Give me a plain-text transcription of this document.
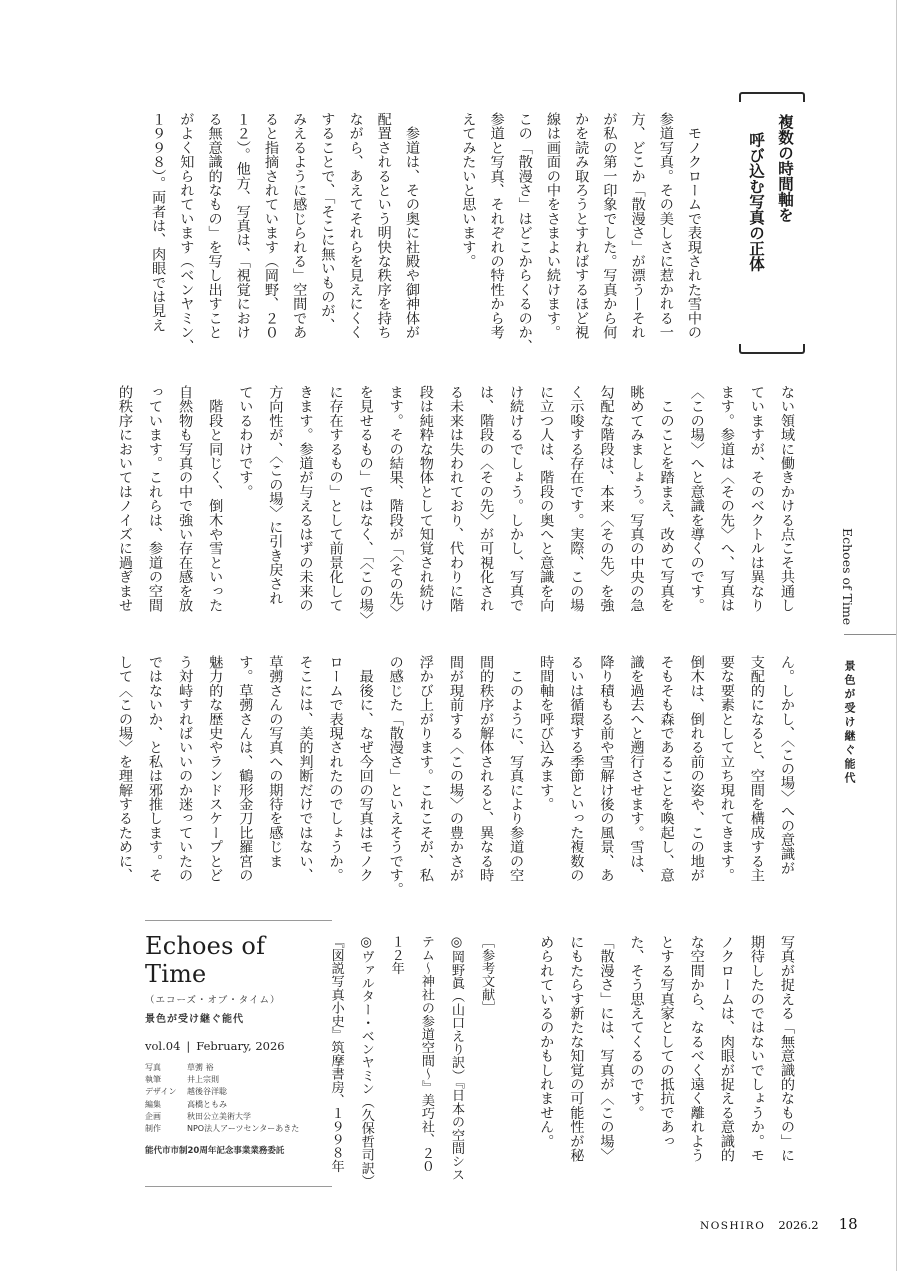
複数の時間軸を
呼び込む写真の正体
　モノクロームで表現された雪中の
参道写真。その美しさに惹かれる一
方、どこか「散漫さ」が漂う—それ
が私の第一印象でした。写真から何
かを読み取ろうとすればするほど視
線は画面の中をさまよい続けます。
この「散漫さ」はどこからくるのか、
参道と写真、それぞれの特性から考
えてみたいと思います。
　参道は、その奥に社殿や御神体が
配置されるという明快な秩序を持ち
ながら、あえてそれらを見えにくく
することで、「そこに無いものが、
みえるように感じられる」空間であ
ると指摘されています（岡野、２０
１２）。他方、写真は、「視覚におけ
る無意識的なもの」を写し出すこと
がよく知られています（ベンヤミン、
１９９８）。両者は、肉眼では見え
ない領域に働きかける点こそ共通し
ていますが、そのベクトルは異なり
ます。参道は〈その先〉へ、写真は
〈この場〉へと意識を導くのです。
　このことを踏まえ、改めて写真を
眺めてみましょう。写真の中央の急
勾配な階段は、本来〈その先〉を強
く示唆する存在です。実際、この場
に立つ人は、階段の奥へと意識を向
け続けるでしょう。しかし、写真で
は、階段の〈その先〉が可視化され
る未来は失われており、代わりに階
段は純粋な物体として知覚され続け
ます。その結果、階段が「〈その先〉
を見せるもの」ではなく、「〈この場〉
に存在するもの」として前景化して
きます。参道が与えるはずの未来の
方向性が、〈この場〉に引き戻され
ているわけです。
　階段と同じく、倒木や雪といった
自然物も写真の中で強い存在感を放
っています。これらは、参道の空間
的秩序においてはノイズに過ぎませ
ん。しかし、〈この場〉への意識が
支配的になると、空間を構成する主
要な要素として立ち現れてきます。
倒木は、倒れる前の姿や、この地が
そもそも森であることを喚起し、意
識を過去へと遡行させます。雪は、
降り積もる前や雪解け後の風景、あ
るいは循環する季節といった複数の
時間軸を呼び込みます。
　このように、写真により参道の空
間的秩序が解体されると、異なる時
間が現前する〈この場〉の豊かさが
浮かび上がります。これこそが、私
の感じた「散漫さ」といえそうです。
　最後に、なぜ今回の写真はモノク
ロームで表現されたのでしょうか。
そこには、美的判断だけではない、
草彅さんの写真への期待を感じま
す。草彅さんは、鶴形金刀比羅宮の
魅力的な歴史やランドスケープとど
う対峙すればいいのか迷っていたの
ではないか、と私は邪推します。そ
して〈この場〉を理解するために、
写真が捉える「無意識的なもの」に
期待したのではないでしょうか。モ
ノクロームは、肉眼が捉える意識的
な空間から、なるべく遠く離れよう
とする写真家としての抵抗であっ
た、そう思えてくるのです。
「散漫さ」には、写真が〈この場〉
にもたらす新たな知覚の可能性が秘
められているのかもしれません。
［参考文献］
◎岡野眞（山口えり訳）『日本の空間シス
テム〜神社の参道空間〜』美巧社、２０
１２年
◎ヴァルター・ベンヤミン（久保哲司訳）
『図説写真小史』筑摩書房、１９９８年
Echoes of Time
景色が受け継ぐ能代
Echoes of Time
（エコーズ・オブ・タイム）
景色が受け継ぐ能代
vol.04 | February, 2026
写真	草彅 裕
執筆	井上宗則
デザイン	越後谷洋聡
編集	高橋ともみ
企画	秋田公立美術大学
制作	NPO法人アーツセンターあきた
能代市市制20周年記念事業業務委託
NOSHIRO 2026.2 18
